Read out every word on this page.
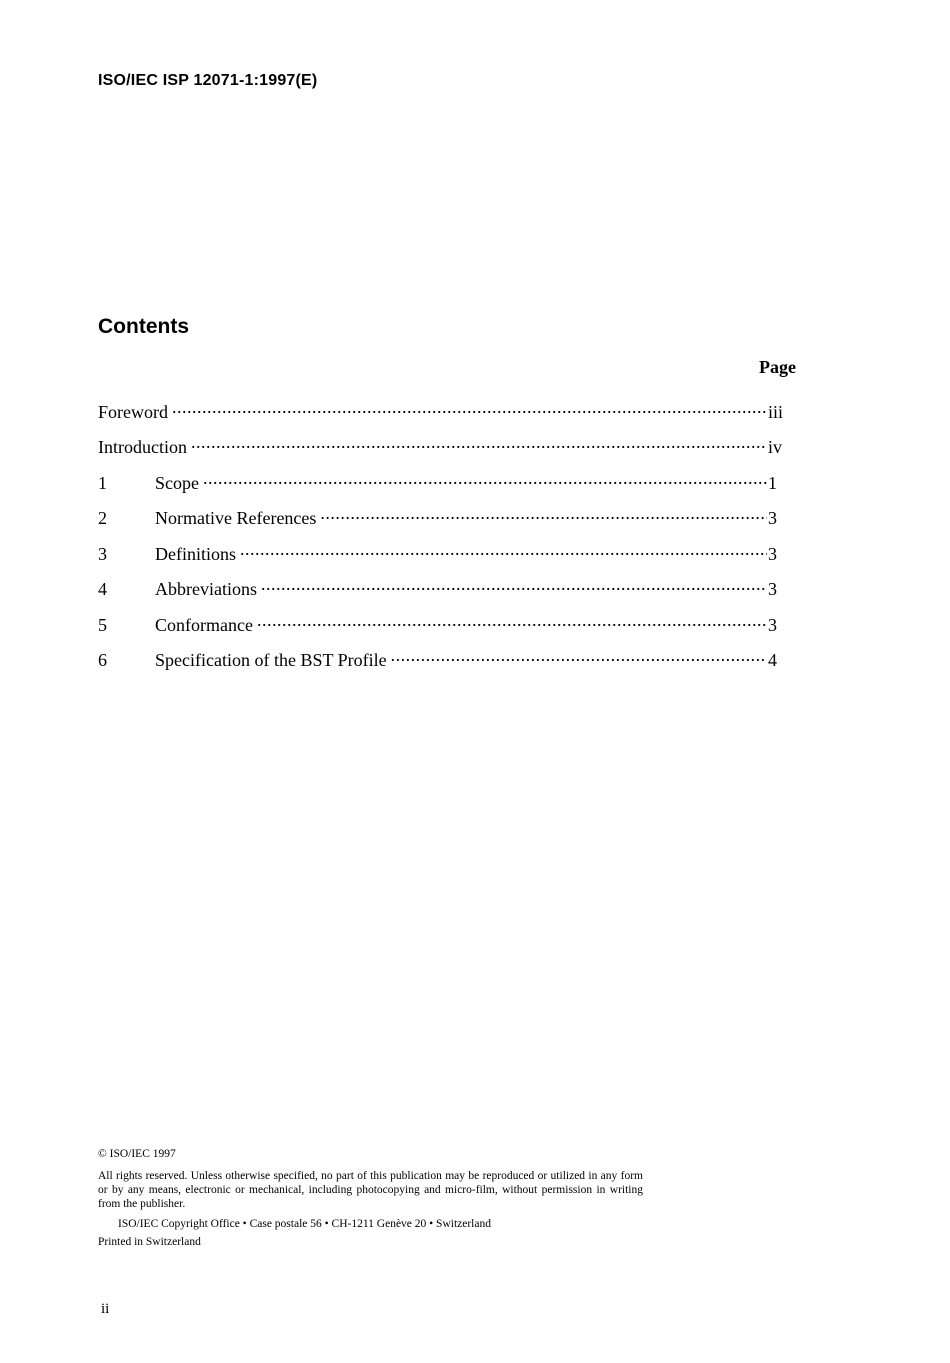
ISO/IEC ISP 12071-1:1997(E)
Contents
Page
Foreword .....	iii
Introduction .....	iv
1	Scope .....	1
2	Normative References .....	3
3	Definitions .....	3
4	Abbreviations .....	3
5	Conformance .....	3
6	Specification of the BST Profile .....	4
© ISO/IEC 1997
All rights reserved. Unless otherwise specified, no part of this publication may be reproduced or utilized in any form or by any means, electronic or mechanical, including photocopying and micro-film, without permission in writing from the publisher.
ISO/IEC Copyright Office • Case postale 56 • CH-1211 Genève 20 • Switzerland
Printed in Switzerland
ii
